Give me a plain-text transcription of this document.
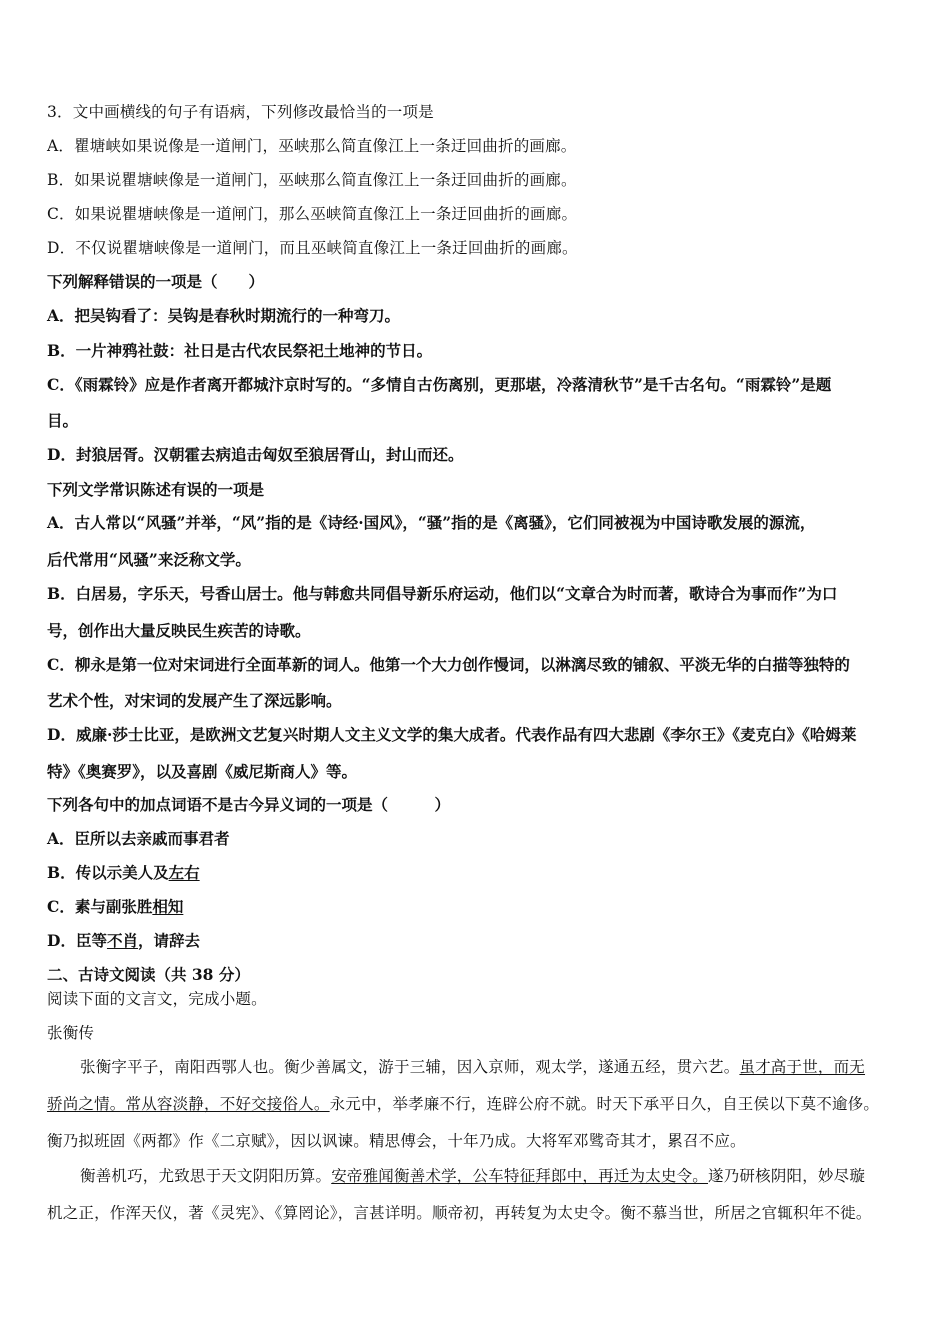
3．文中画横线的句子有语病，下列修改最恰当的一项是
A．瞿塘峡如果说像是一道闸门，巫峡那么简直像江上一条迂回曲折的画廊。
B．如果说瞿塘峡像是一道闸门，巫峡那么简直像江上一条迂回曲折的画廊。
C．如果说瞿塘峡像是一道闸门，那么巫峡简直像江上一条迂回曲折的画廊。
D．不仅说瞿塘峡像是一道闸门，而且巫峡简直像江上一条迂回曲折的画廊。
下列解释错误的一项是（　　）
A．把吴钩看了：吴钩是春秋时期流行的一种弯刀。
B．一片神鸦社鼓：社日是古代农民祭祀土地神的节日。
C．《雨霖铃》应是作者离开都城汴京时写的。“多情自古伤离别，更那堪，冷落清秋节”是千古名句。“雨霖铃”是题
目。
D．封狼居胥。汉朝霍去病追击匈奴至狼居胥山，封山而还。
下列文学常识陈述有误的一项是
A．古人常以“风骚”并举，“风”指的是《诗经·国风》，“骚”指的是《离骚》，它们同被视为中国诗歌发展的源流，
后代常用“风骚”来泛称文学。
B．白居易，字乐天，号香山居士。他与韩愈共同倡导新乐府运动，他们以“文章合为时而著，歌诗合为事而作”为口
号，创作出大量反映民生疾苦的诗歌。
C．柳永是第一位对宋词进行全面革新的词人。他第一个大力创作慢词，以淋漓尽致的铺叙、平淡无华的白描等独特的
艺术个性，对宋词的发展产生了深远影响。
D．威廉·莎士比亚，是欧洲文艺复兴时期人文主义文学的集大成者。代表作品有四大悲剧《李尔王》《麦克白》《哈姆莱
特》《奥赛罗》，以及喜剧《威尼斯商人》等。
下列各句中的加点词语不是古今异义词的一项是（　　　）
A．臣所以去亲戚而事君者
B．传以示美人及左右
C．素与副张胜相知
D．臣等不肖，请辞去
二、古诗文阅读（共 38 分）
阅读下面的文言文，完成小题。
张衡传
张衡字平子，南阳西鄂人也。衡少善属文，游于三辅，因入京师，观太学，遂通五经，贯六艺。虽才高于世，而无
骄尚之情。常从容淡静，不好交接俗人。永元中，举孝廉不行，连辟公府不就。时天下承平日久，自王侯以下莫不逾侈。
衡乃拟班固《两都》作《二京赋》，因以讽谏。精思傅会，十年乃成。大将军邓骘奇其才，累召不应。
衡善机巧，尤致思于天文阴阳历算。安帝雅闻衡善术学，公车特征拜郎中，再迁为太史令。遂乃研核阴阳，妙尽璇
机之正，作浑天仪，著《灵宪》、《算罔论》，言甚详明。顺帝初，再转复为太史令。衡不慕当世，所居之官辄积年不徙。
